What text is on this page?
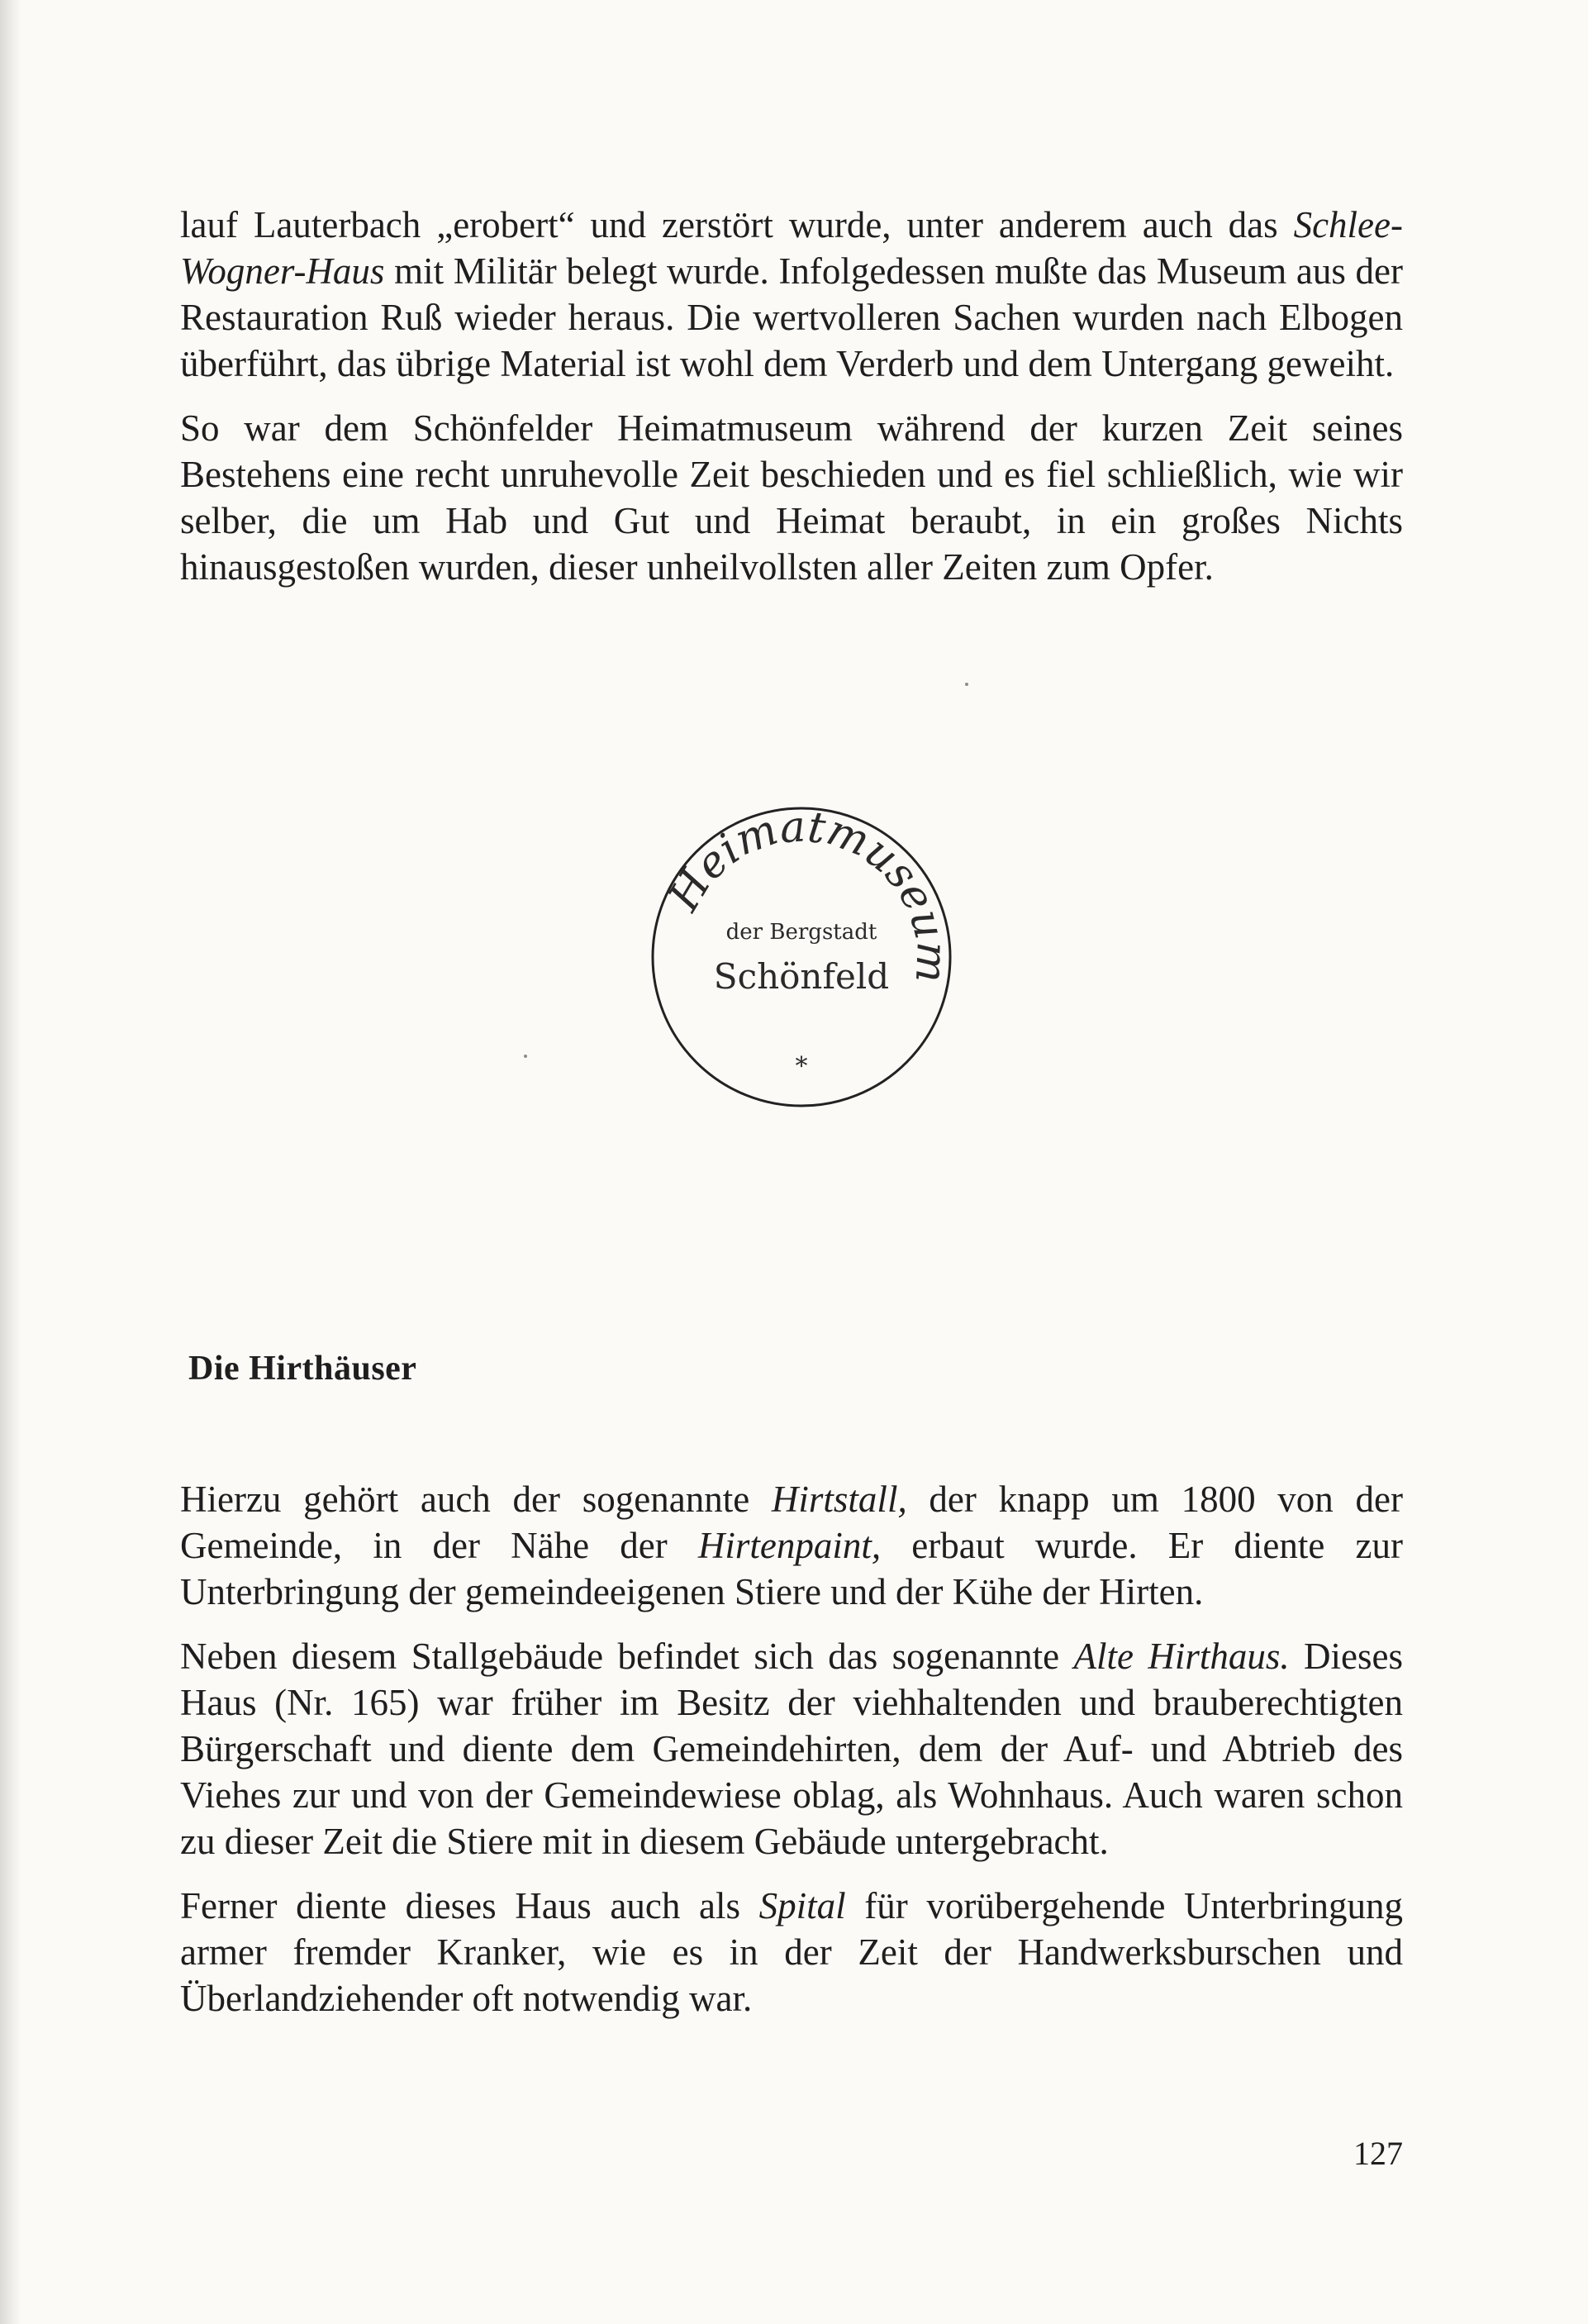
lauf Lauterbach „erobert“ und zerstört wurde, unter anderem auch das Schlee-Wogner-Haus mit Militär belegt wurde. Infolgedessen mußte das Museum aus der Restauration Ruß wieder heraus. Die wertvolleren Sachen wurden nach Elbogen überführt, das übrige Material ist wohl dem Verderb und dem Untergang geweiht.

So war dem Schönfelder Heimatmuseum während der kurzen Zeit seines Bestehens eine recht unruhevolle Zeit beschieden und es fiel schließlich, wie wir selber, die um Hab und Gut und Heimat beraubt, in ein großes Nichts hinausgestoßen wurden, dieser unheilvollsten aller Zeiten zum Opfer.

Heimatmuseum
der Bergstadt
Schönfeld
*
Die Hirthäuser

Hierzu gehört auch der sogenannte Hirtstall, der knapp um 1800 von der Gemeinde, in der Nähe der Hirtenpaint, erbaut wurde. Er diente zur Unterbringung der gemeindeeigenen Stiere und der Kühe der Hirten.

Neben diesem Stallgebäude befindet sich das sogenannte Alte Hirthaus. Dieses Haus (Nr. 165) war früher im Besitz der viehhaltenden und brauberechtigten Bürgerschaft und diente dem Gemeindehirten, dem der Auf- und Abtrieb des Viehes zur und von der Gemeindewiese oblag, als Wohnhaus. Auch waren schon zu dieser Zeit die Stiere mit in diesem Gebäude untergebracht.

Ferner diente dieses Haus auch als Spital für vorübergehende Unterbringung armer fremder Kranker, wie es in der Zeit der Handwerksburschen und Überlandziehender oft notwendig war.

127
